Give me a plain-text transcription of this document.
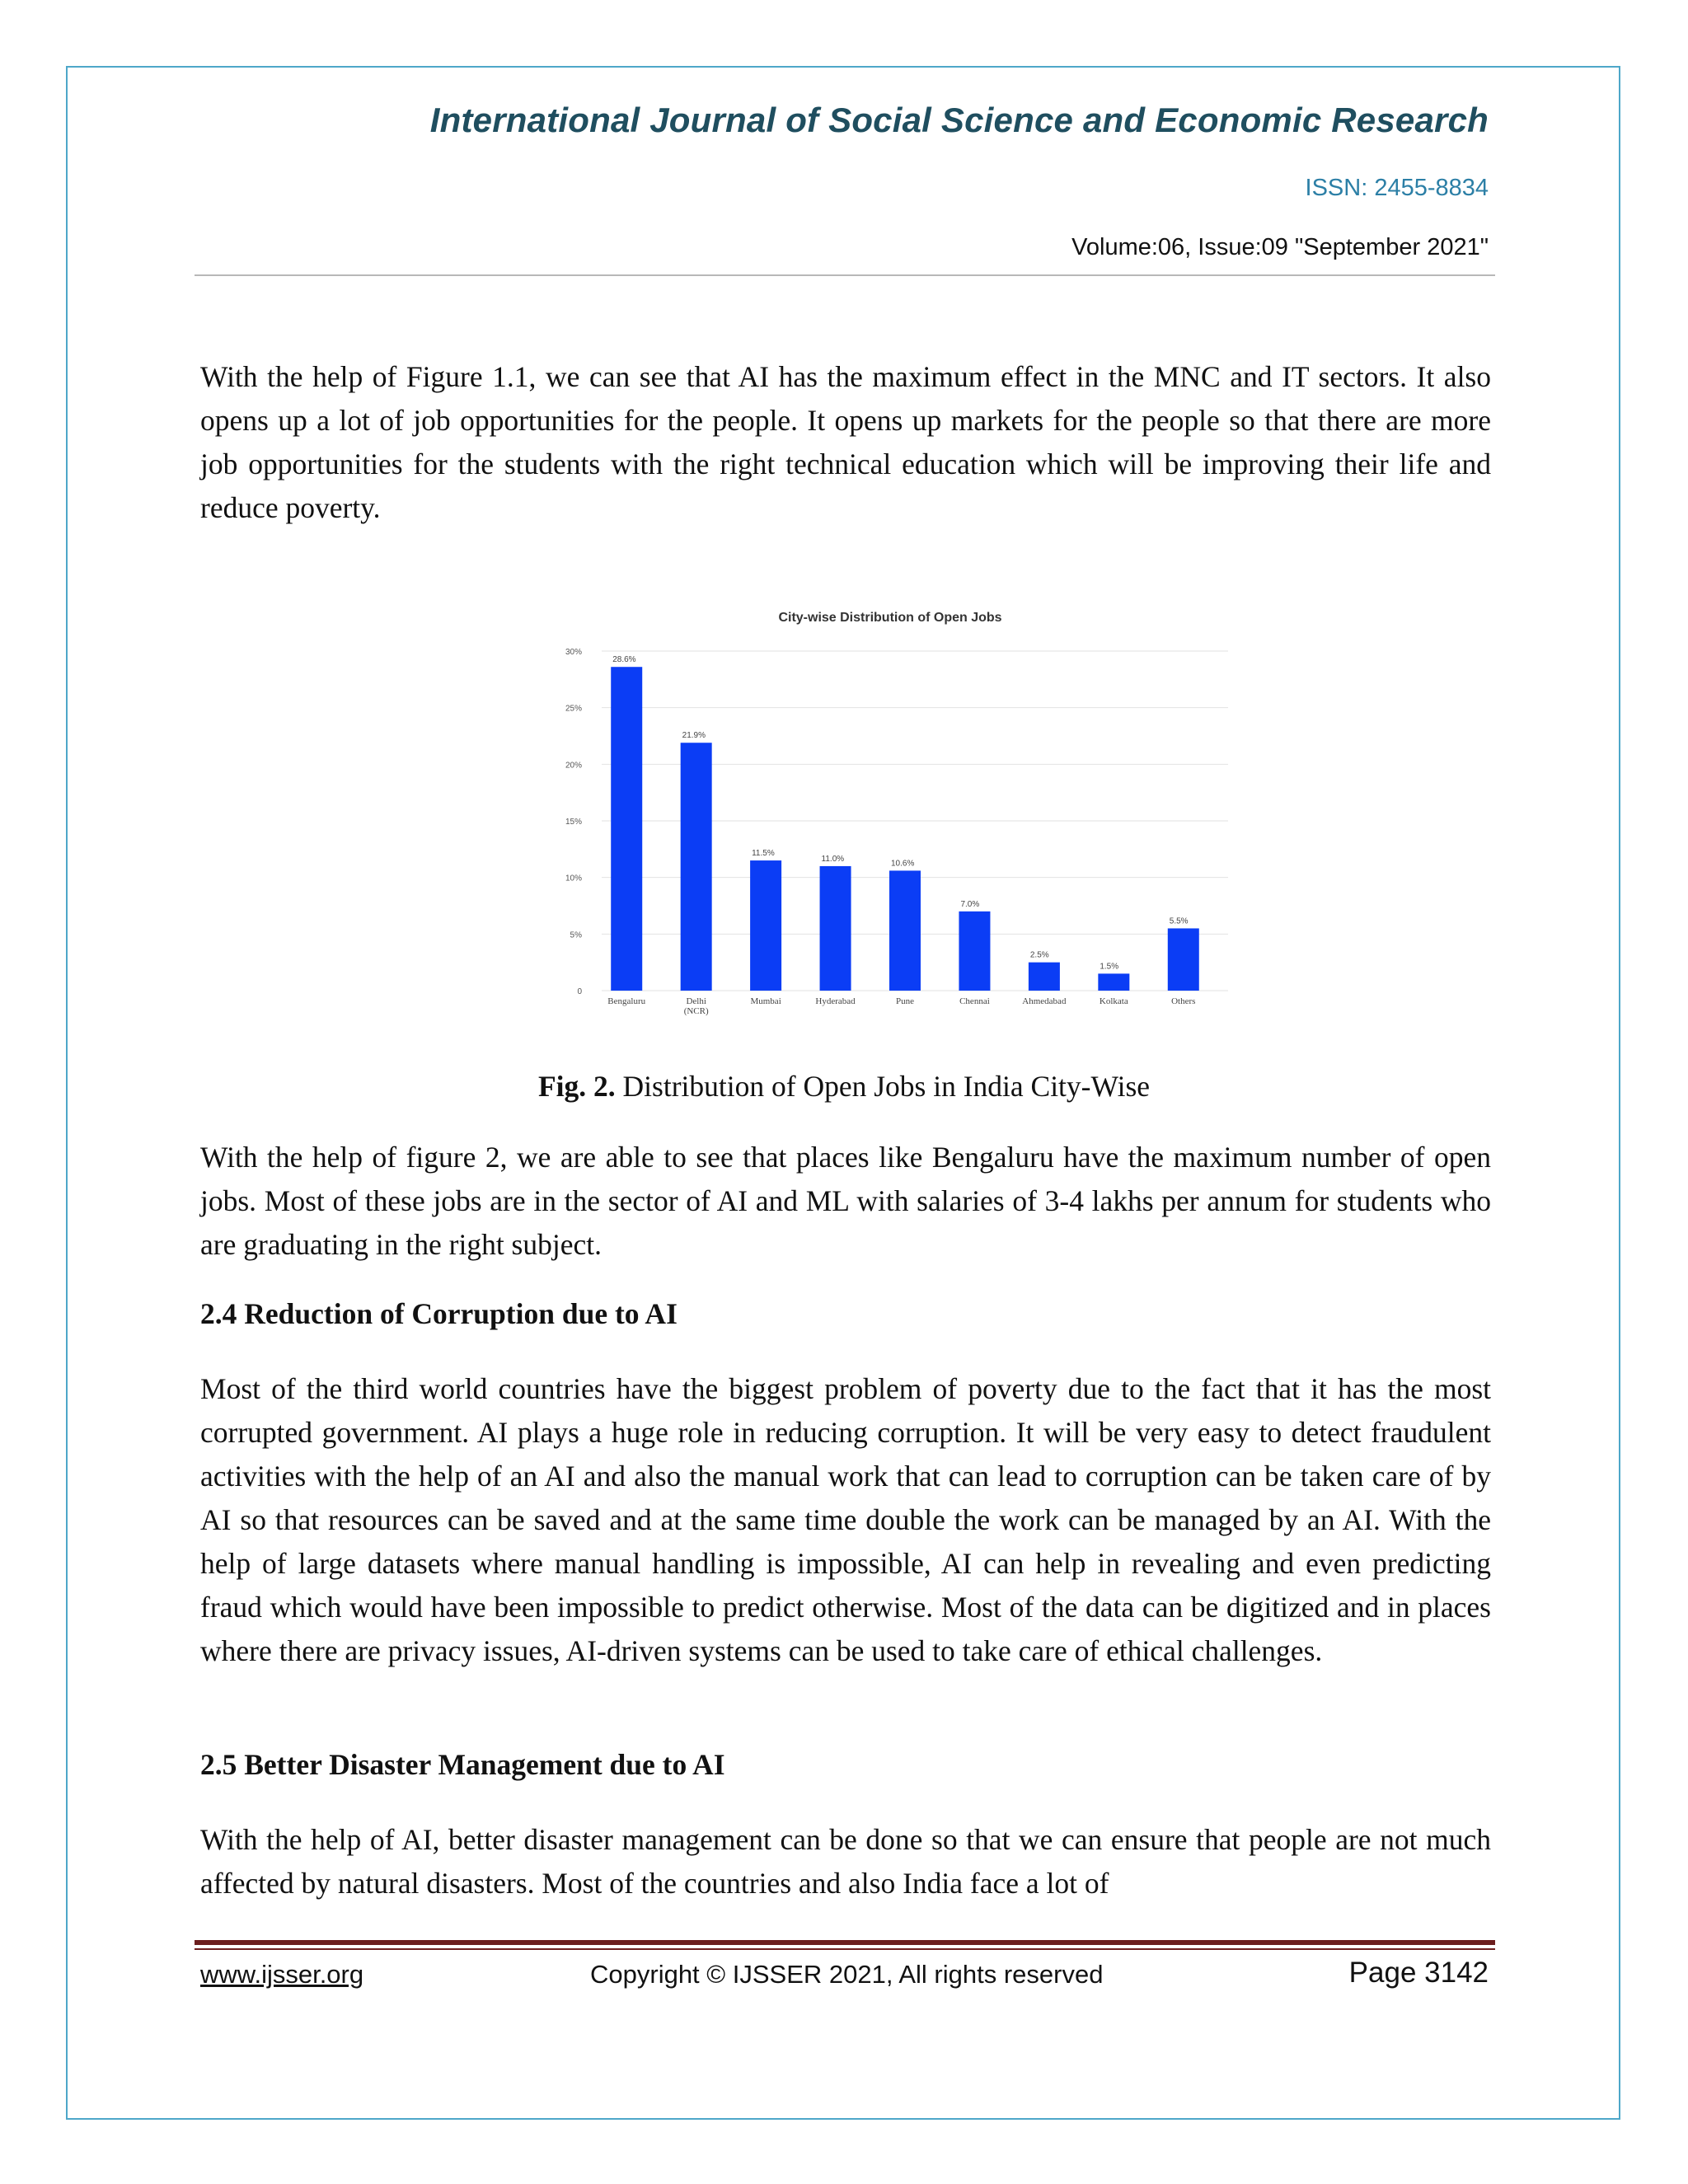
International Journal of Social Science and Economic Research
ISSN: 2455-8834
Volume:06, Issue:09 "September 2021"

With the help of Figure 1.1, we can see that AI has the maximum effect in the MNC and IT sectors. It also opens up a lot of job opportunities for the people. It opens up markets for the people so that there are more job opportunities for the students with the right technical education which will be improving their life and reduce poverty.

City-wise Distribution of Open Jobs
0
5%
10%
15%
20%
25%
30%
28.6%
Bengaluru
21.9%
Delhi
(NCR)
11.5%
Mumbai
11.0%
Hyderabad
10.6%
Pune
7.0%
Chennai
2.5%
Ahmedabad
1.5%
Kolkata
5.5%
Others
Fig. 2. Distribution of Open Jobs in India City-Wise

With the help of figure 2, we are able to see that places like Bengaluru have the maximum number of open jobs. Most of these jobs are in the sector of AI and ML with salaries of 3-4 lakhs per annum for students who are graduating in the right subject.

2.4 Reduction of Corruption due to AI

Most of the third world countries have the biggest problem of poverty due to the fact that it has the most corrupted government. AI plays a huge role in reducing corruption. It will be very easy to detect fraudulent activities with the help of an AI and also the manual work that can lead to corruption can be taken care of by AI so that resources can be saved and at the same time double the work can be managed by an AI. With the help of large datasets where manual handling is impossible, AI can help in revealing and even predicting fraud which would have been impossible to predict otherwise. Most of the data can be digitized and in places where there are privacy issues, AI-driven systems can be used to take care of ethical challenges.

2.5 Better Disaster Management due to AI

With the help of AI, better disaster management can be done so that we can ensure that people are not much affected by natural disasters. Most of the countries and also India face a lot of

www.ijsser.org	Copyright © IJSSER 2021, All rights reserved	Page 3142
